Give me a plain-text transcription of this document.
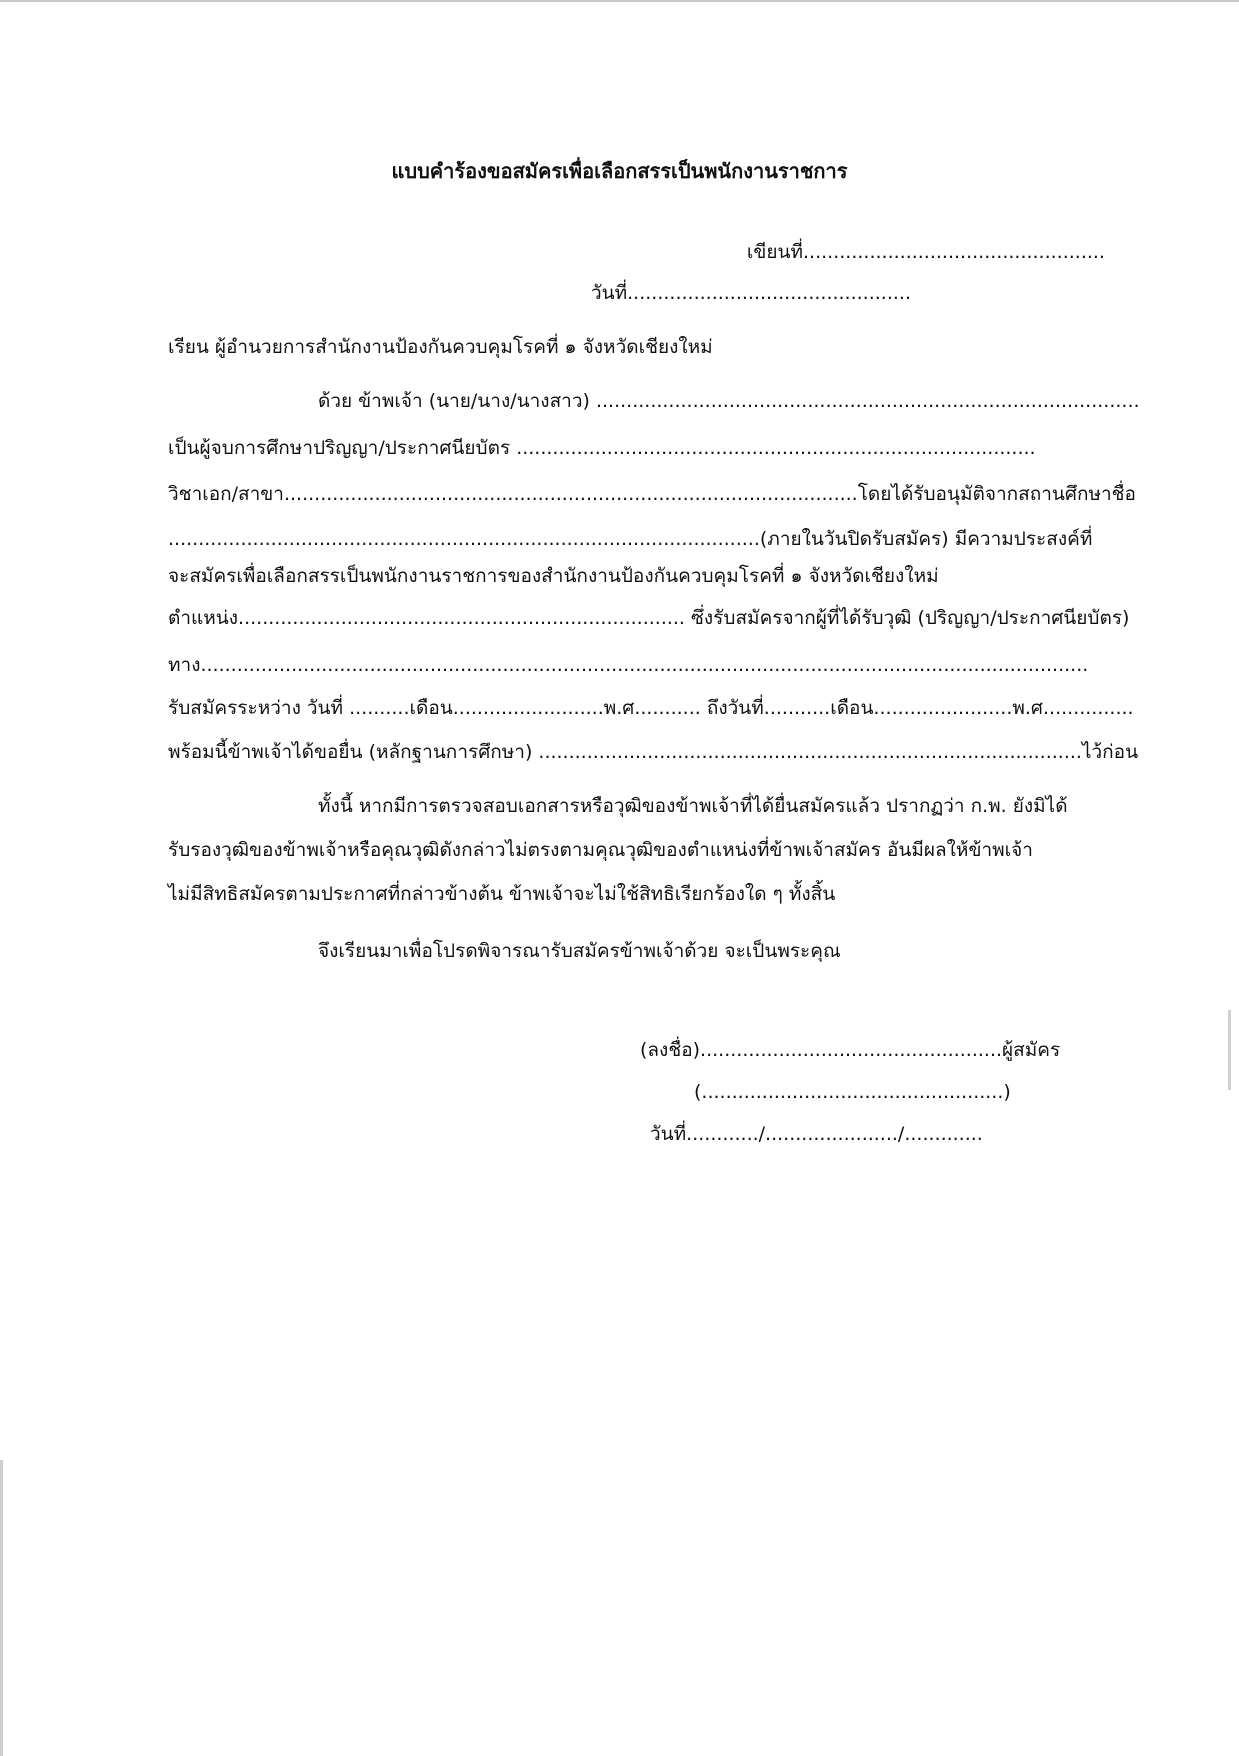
แบบคำร้องขอสมัครเพื่อเลือกสรรเป็นพนักงานราชการ
เขียนที่..................................................
วันที่...............................................
เรียน ผู้อำนวยการสำนักงานป้องกันควบคุมโรคที่ ๑ จังหวัดเชียงใหม่
ด้วย ข้าพเจ้า (นาย/นาง/นางสาว) ..........................................................................................
เป็นผู้จบการศึกษาปริญญา/ประกาศนียบัตร ......................................................................................
วิชาเอก/สาขา...............................................................................................โดยได้รับอนุมัติจากสถานศึกษาชื่อ
..................................................................................................(ภายในวันปิดรับสมัคร) มีความประสงค์ที่
จะสมัครเพื่อเลือกสรรเป็นพนักงานราชการของสำนักงานป้องกันควบคุมโรคที่ ๑ จังหวัดเชียงใหม่
ตำแหน่ง.......................................................................... ซึ่งรับสมัครจากผู้ที่ได้รับวุฒิ (ปริญญา/ประกาศนียบัตร)
ทาง...................................................................................................................................................
รับสมัครระหว่าง วันที่ ..........เดือน.........................พ.ศ........... ถึงวันที่...........เดือน.......................พ.ศ...............
พร้อมนี้ข้าพเจ้าได้ขอยื่น (หลักฐานการศึกษา) ..........................................................................................ไว้ก่อน
ทั้งนี้ หากมีการตรวจสอบเอกสารหรือวุฒิของข้าพเจ้าที่ได้ยื่นสมัครแล้ว ปรากฏว่า ก.พ. ยังมิได้
รับรองวุฒิของข้าพเจ้าหรือคุณวุฒิดังกล่าวไม่ตรงตามคุณวุฒิของตำแหน่งที่ข้าพเจ้าสมัคร อันมีผลให้ข้าพเจ้า
ไม่มีสิทธิสมัครตามประกาศที่กล่าวข้างต้น ข้าพเจ้าจะไม่ใช้สิทธิเรียกร้องใด ๆ ทั้งสิ้น
จึงเรียนมาเพื่อโปรดพิจารณารับสมัครข้าพเจ้าด้วย จะเป็นพระคุณ
(ลงชื่อ)..................................................ผู้สมัคร
(..................................................)
วันที่............/....................../.............
